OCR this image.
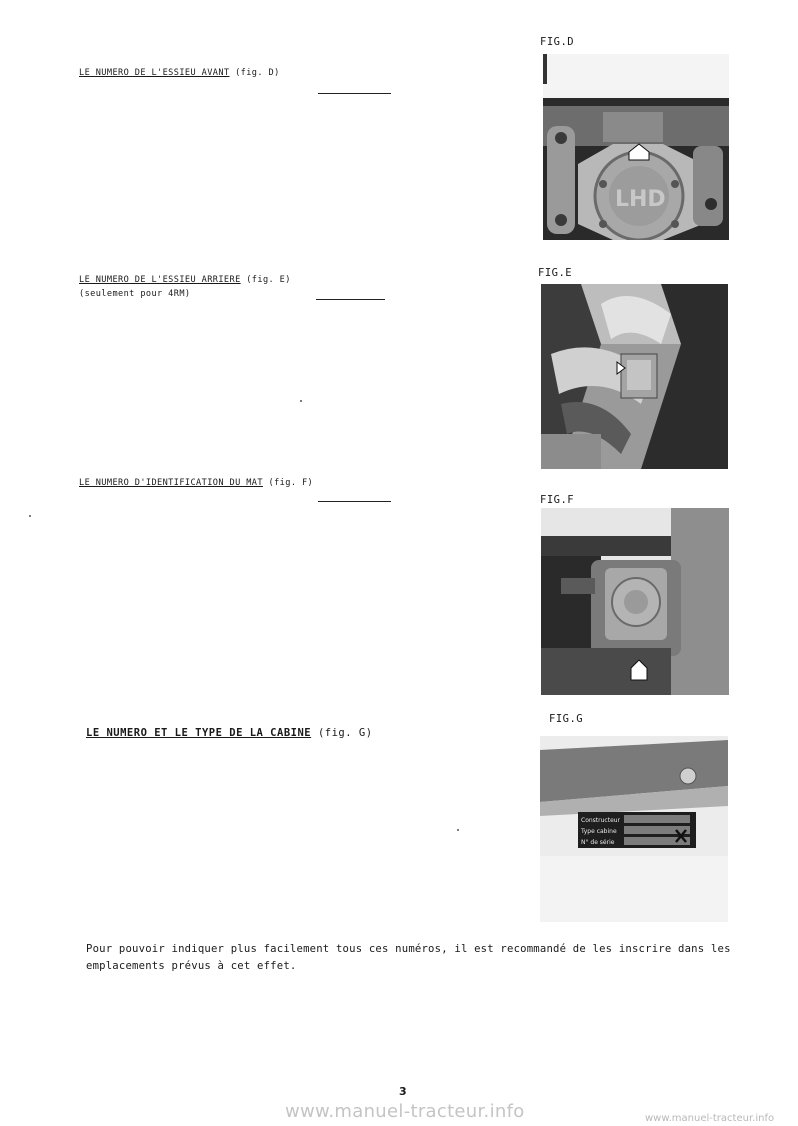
LE NUMERO DE L'ESSIEU AVANT (fig. D)
FIG.D
LHD
LE NUMERO DE L'ESSIEU ARRIERE (fig. E)
(seulement pour 4RM)
FIG.E
LE NUMERO D'IDENTIFICATION DU MAT (fig. F)
FIG.F
LE NUMERO ET LE TYPE DE LA CABINE (fig. G)
FIG.G
Constructeur
Type cabine
N° de série
Pour pouvoir indiquer plus facilement tous ces numéros, il est recommandé de les inscrire dans les emplacements prévus à cet effet.
3
www.manuel-tracteur.info	www.manuel-tracteur.info
